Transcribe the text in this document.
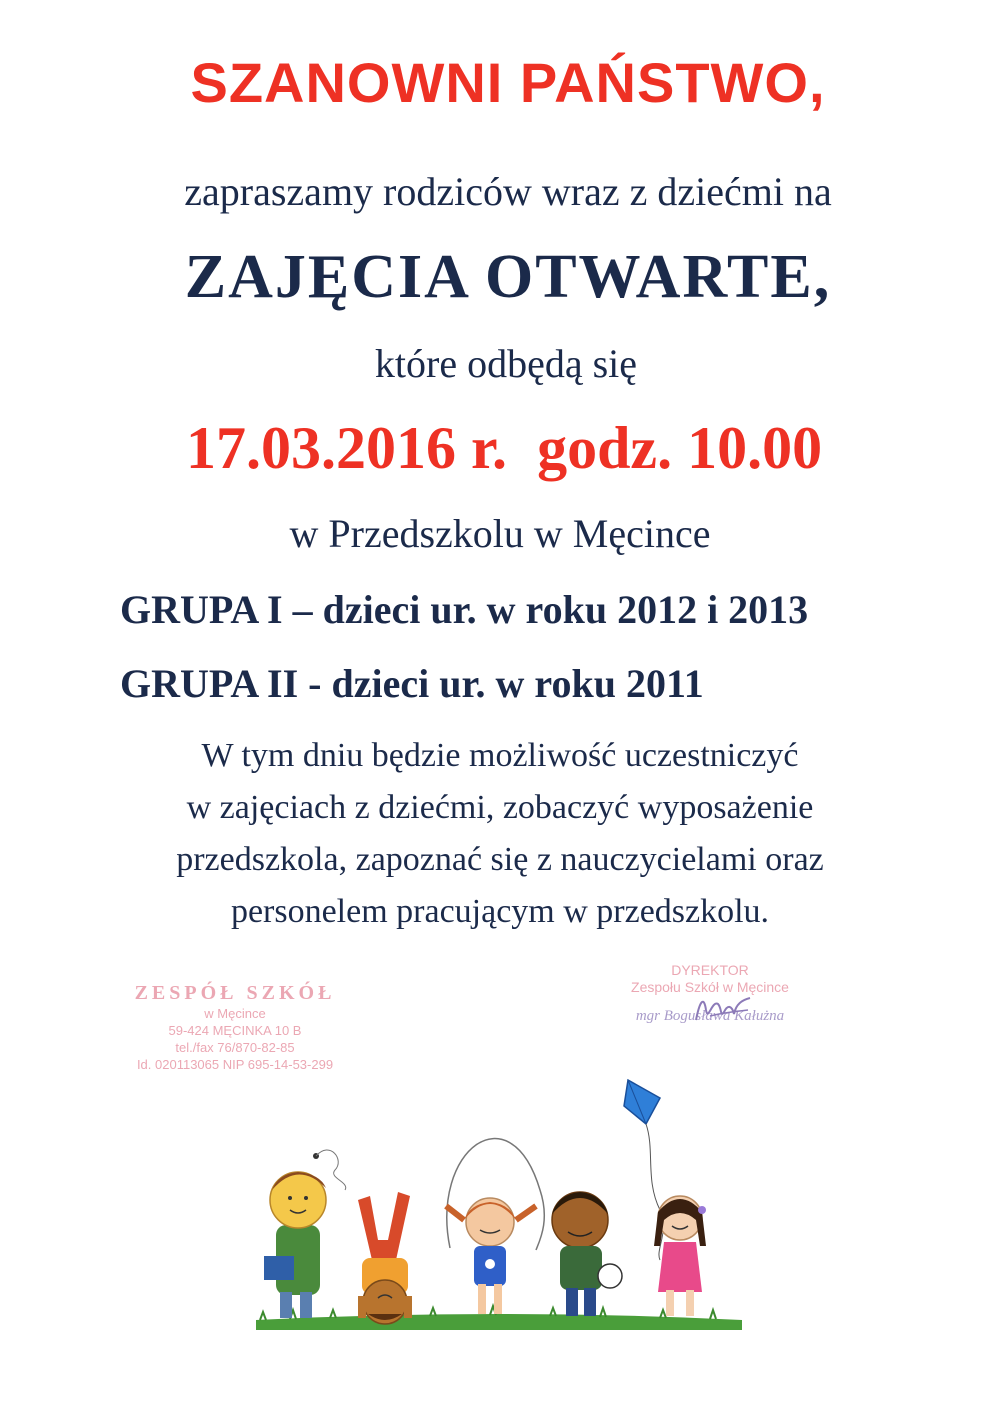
SZANOWNI PAŃSTWO,
zapraszamy rodziców wraz z dziećmi na
ZAJĘCIA OTWARTE,
które odbędą się
17.03.2016 r. godz. 10.00
w Przedszkolu w Męcince
GRUPA I – dzieci ur. w roku 2012 i 2013
GRUPA II - dzieci ur. w roku 2011
W tym dniu będzie możliwość uczestniczyć
w zajęciach z dziećmi, zobaczyć wyposażenie
przedszkola, zapoznać się z nauczycielami oraz
personelem pracującym w przedszkolu.
ZESPÓŁ SZKÓŁ
w Męcince
59-424 MĘCINKA 10 B
tel./fax 76/870-82-85
Id. 020113065 NIP 695-14-53-299
DYREKTOR
Zespołu Szkół w Męcince
mgr Bogusława Kałużna
